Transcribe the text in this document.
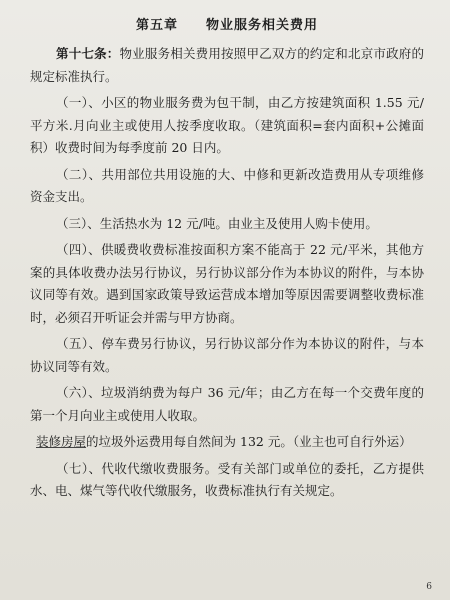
第五章　　物业服务相关费用

第十七条：物业服务相关费用按照甲乙双方的约定和北京市政府的规定标准执行。

（一）、小区的物业服务费为包干制，由乙方按建筑面积 1.55 元/平方米.月向业主或使用人按季度收取。（建筑面积=套内面积+公摊面积）收费时间为每季度前 20 日内。

（二）、共用部位共用设施的大、中修和更新改造费用从专项维修资金支出。

（三）、生活热水为 12 元/吨。由业主及使用人购卡使用。

（四）、供暖费收费标准按面积方案不能高于 22 元/平米，其他方案的具体收费办法另行协议，另行协议部分作为本协议的附件，与本协议同等有效。遇到国家政策导致运营成本增加等原因需要调整收费标准时，必须召开听证会并需与甲方协商。

（五）、停车费另行协议，另行协议部分作为本协议的附件，与本协议同等有效。

（六）、垃圾消纳费为每户 36 元/年；由乙方在每一个交费年度的第一个月向业主或使用人收取。

装修房屋的垃圾外运费用每自然间为 132 元。（业主也可自行外运）

（七）、代收代缴收费服务。受有关部门或单位的委托，乙方提供水、电、煤气等代收代缴服务，收费标准执行有关规定。

6
